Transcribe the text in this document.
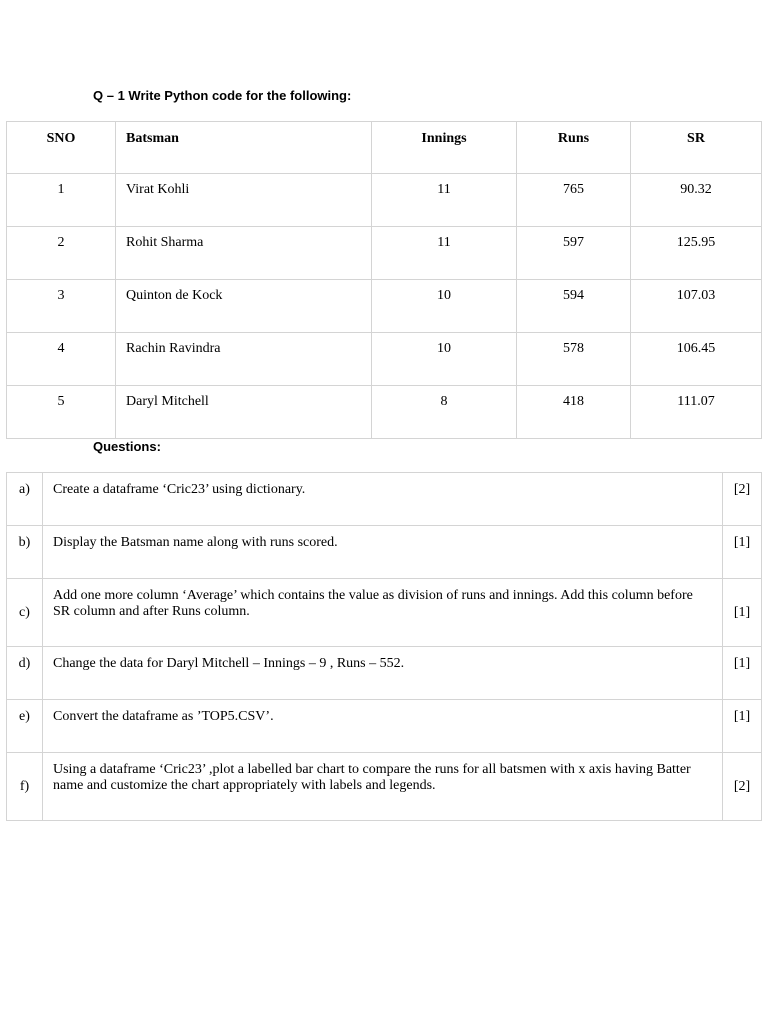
Q – 1 Write Python code for the following:
SNO	Batsman	Innings	Runs	SR
1	Virat Kohli	11	765	90.32
2	Rohit Sharma	11	597	125.95
3	Quinton de Kock	10	594	107.03
4	Rachin Ravindra	10	578	106.45
5	Daryl Mitchell	8	418	111.07
Questions:
a)	Create a dataframe ‘Cric23’ using dictionary.	[2]
b)	Display the Batsman name along with runs scored.	[1]
c)	Add one more column ‘Average’ which contains the value as division of runs and innings. Add this column before SR column and after Runs column.	[1]
d)	Change the data for Daryl Mitchell – Innings – 9 , Runs – 552.	[1]
e)	Convert the dataframe as ’TOP5.CSV’.	[1]
f)	Using a dataframe ‘Cric23’ ,plot a labelled bar chart to compare the runs for all batsmen with x axis having Batter name and customize the chart appropriately with labels and legends.	[2]
